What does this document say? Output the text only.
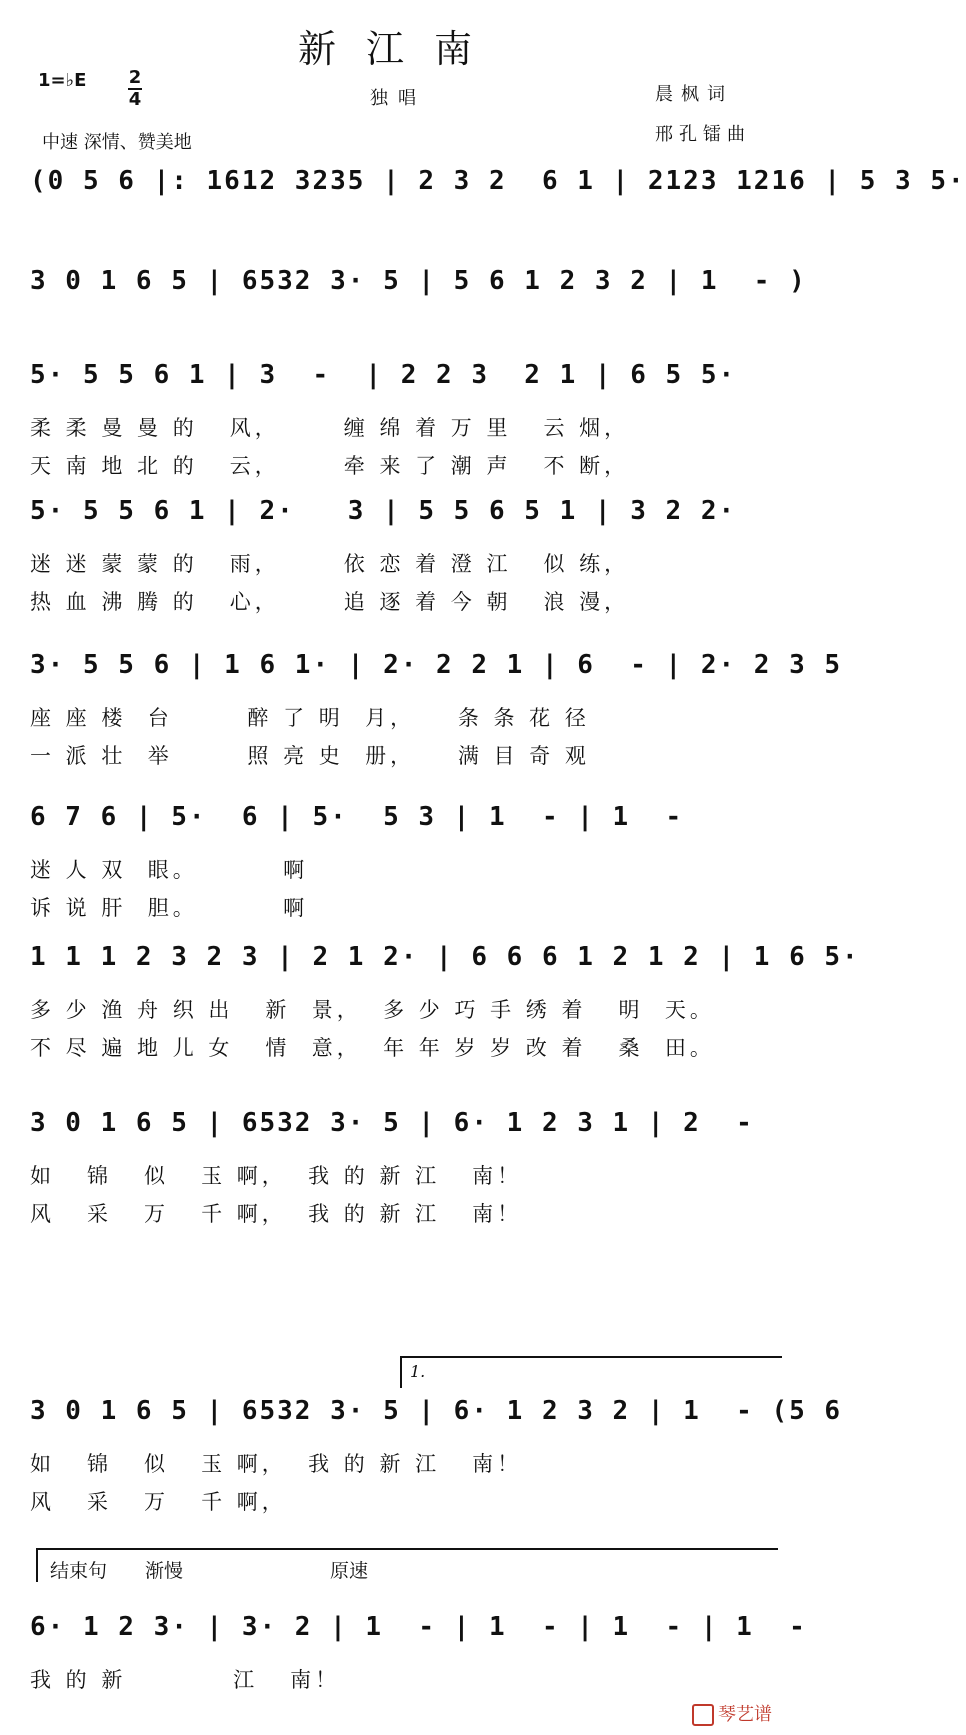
新江南
1=♭E 2
4	独唱	晨枫词
邢孔镭曲
中速 深情、赞美地
(0 5 6 |: 1612 3235 | 2 3 2  6 1 | 2123 1216 | 5 3 5·
3 0 1 6 5 | 6532 3· 5 | 5 6 1 2 3 2 | 1  - )
5· 5 5 6 1 | 3  -  | 2 2 3  2 1 | 6 5 5·
柔 柔 曼 曼 的   风，      缠 绵 着 万 里   云 烟，
天 南 地 北 的   云，      牵 来 了 潮 声   不 断，
5· 5 5 6 1 | 2·   3 | 5 5 6 5 1 | 3 2 2·
迷 迷 蒙 蒙 的   雨，      依 恋 着 澄 江   似 练，
热 血 沸 腾 的   心，      追 逐 着 今 朝   浪 漫，
3· 5 5 6 | 1 6 1· | 2· 2 2 1 | 6  - | 2· 2 3 5
座 座 楼  台       醉 了 明  月，    条 条 花 径
一 派 壮  举       照 亮 史  册，    满 目 奇 观
6 7 6 | 5·  6 | 5·  5 3 | 1  - | 1  -
迷 人 双  眼。        啊
诉 说 肝  胆。        啊
1 1 1 2 3 2 3 | 2 1 2· | 6 6 6 1 2 1 2 | 1 6 5·
多 少 渔 舟 织 出   新  景，  多 少 巧 手 绣 着   明  天。
不 尽 遍 地 儿 女   情  意，  年 年 岁 岁 改 着   桑  田。
3 0 1 6 5 | 6532 3· 5 | 6· 1 2 3 1 | 2  -
如   锦   似   玉 啊，  我 的 新 江   南！
风   采   万   千 啊，  我 的 新 江   南！
1.
3 0 1 6 5 | 6532 3· 5 | 6· 1 2 3 2 | 1  - (5 6
如   锦   似   玉 啊，  我 的 新 江   南！
风   采   万   千 啊，
结束句 渐慢	原速
6· 1 2 3· | 3· 2 | 1  - | 1  - | 1  - | 1  -
我 的 新          江   南！
琴艺谱
